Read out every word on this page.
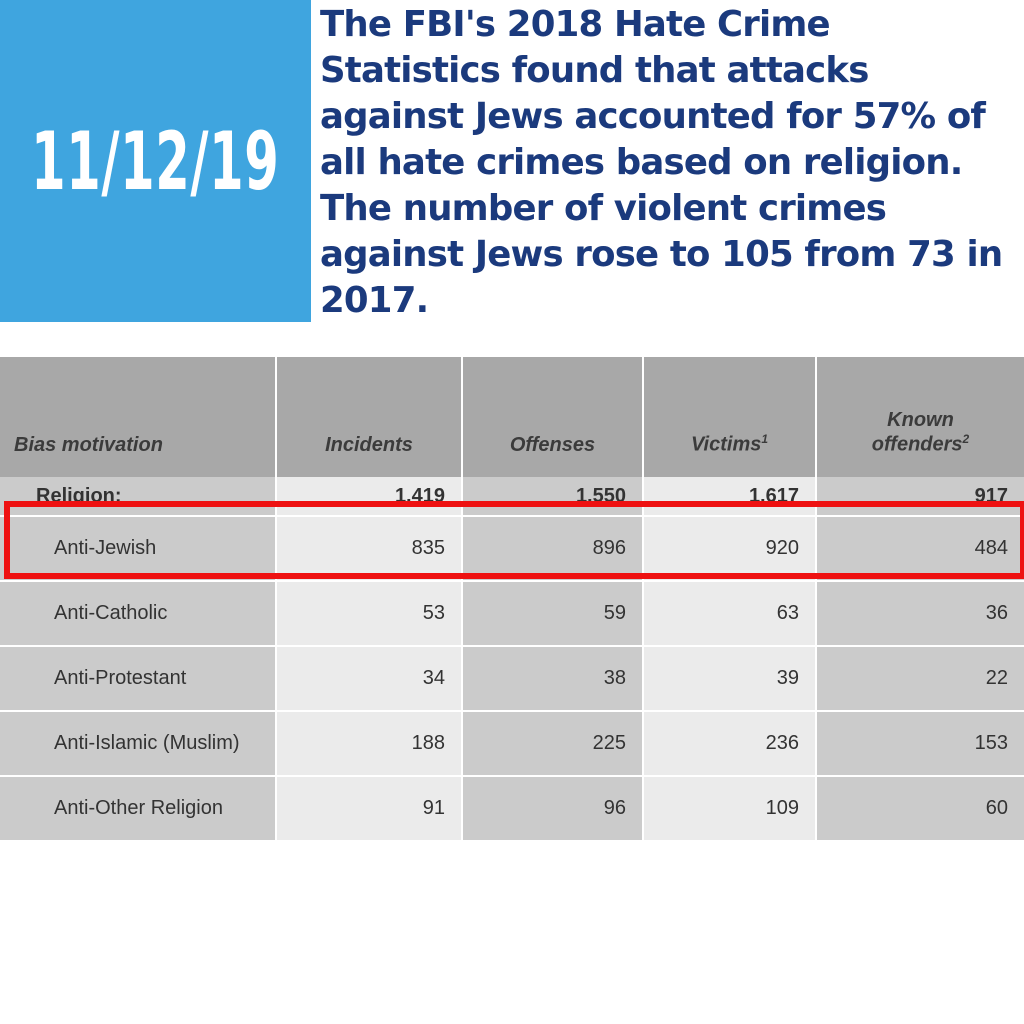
11/12/19
The FBI's 2018 Hate Crime Statistics found that attacks against Jews accounted for 57% of all hate crimes based on religion. The number of violent crimes against Jews rose to 105 from 73 in 2017.
Bias motivation	Incidents	Offenses	Victims$^1$	Known
offenders$^2$
Religion:	1,419	1,550	1,617	917
Anti-Jewish	835	896	920	484
Anti-Catholic	53	59	63	36
Anti-Protestant	34	38	39	22
Anti-Islamic (Muslim)	188	225	236	153
Anti-Other Religion	91	96	109	60
